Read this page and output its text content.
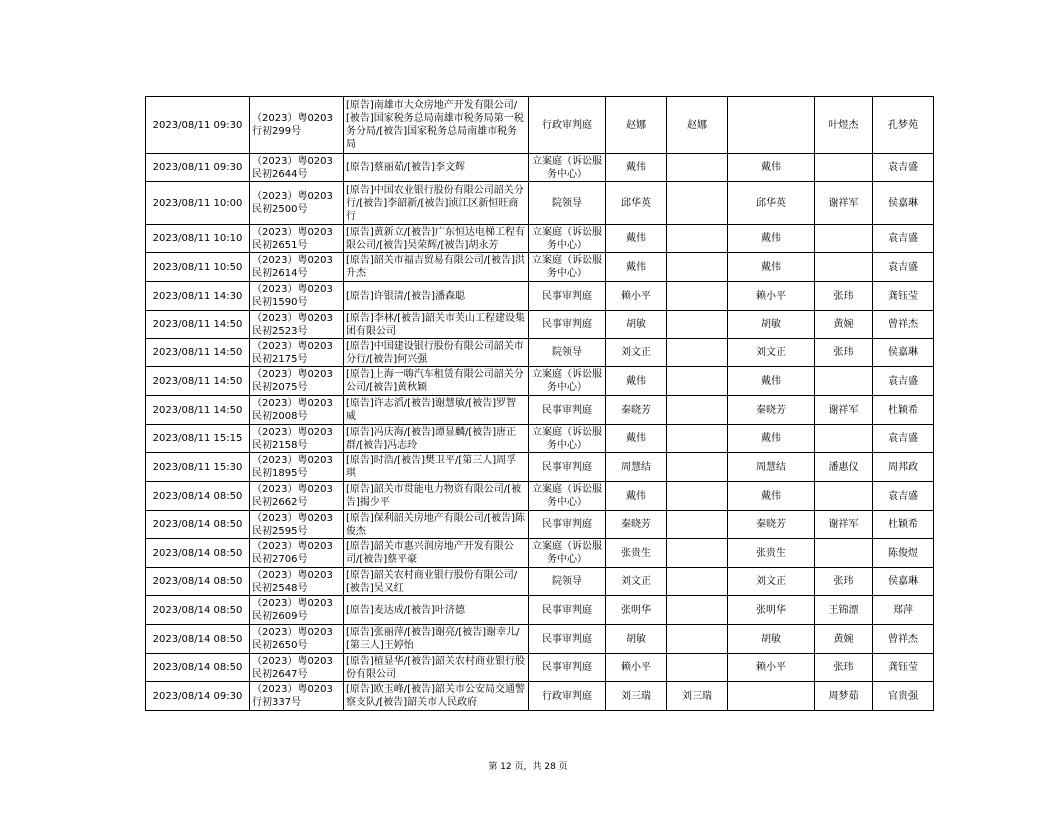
2023/08/11 09:30	（2023）粤0203行初299号	[原告]南雄市大众房地产开发有限公司/[被告]国家税务总局南雄市税务局第一税务分局/[被告]国家税务总局南雄市税务局	行政审判庭	赵娜	赵娜		叶煜杰	孔梦苑
2023/08/11 09:30	（2023）粤0203民初2644号	[原告]蔡丽茹/[被告]李文辉	立案庭（诉讼服务中心）	戴伟		戴伟		袁吉盛
2023/08/11 10:00	（2023）粤0203民初2500号	[原告]中国农业银行股份有限公司韶关分行/[被告]李韶新/[被告]浈江区新恒旺商行	院领导	邱华英		邱华英	谢祥军	侯嘉琳
2023/08/11 10:10	（2023）粤0203民初2651号	[原告]黄新立/[被告]广东恒达电梯工程有限公司/[被告]吴荣辉/[被告]胡永芳	立案庭（诉讼服务中心）	戴伟		戴伟		袁吉盛
2023/08/11 10:50	（2023）粤0203民初2614号	[原告]韶关市福吉贸易有限公司/[被告]洪升杰	立案庭（诉讼服务中心）	戴伟		戴伟		袁吉盛
2023/08/11 14:30	（2023）粤0203民初1590号	[原告]许银清/[被告]潘森聪	民事审判庭	赖小平		赖小平	张玮	龚钰莹
2023/08/11 14:50	（2023）粤0203民初2523号	[原告]李林/[被告]韶关市芙山工程建设集团有限公司	民事审判庭	胡敏		胡敏	黄婉	曾祥杰
2023/08/11 14:50	（2023）粤0203民初2175号	[原告]中国建设银行股份有限公司韶关市分行/[被告]何兴强	院领导	刘文正		刘文正	张玮	侯嘉琳
2023/08/11 14:50	（2023）粤0203民初2075号	[原告]上海一嗨汽车租赁有限公司韶关分公司/[被告]黄秋颖	立案庭（诉讼服务中心）	戴伟		戴伟		袁吉盛
2023/08/11 14:50	（2023）粤0203民初2008号	[原告]许志滔/[被告]谢慧敏/[被告]罗智威	民事审判庭	秦晓芳		秦晓芳	谢祥军	杜颖希
2023/08/11 15:15	（2023）粤0203民初2158号	[原告]冯庆海/[被告]谭显麟/[被告]唐正群/[被告]冯志玲	立案庭（诉讼服务中心）	戴伟		戴伟		袁吉盛
2023/08/11 15:30	（2023）粤0203民初1895号	[原告]时浩/[被告]樊卫平/[第三人]周孚琪	民事审判庭	周慧结		周慧结	潘惠仪	周邦政
2023/08/14 08:50	（2023）粤0203民初2662号	[原告]韶关市贯能电力物资有限公司/[被告]揭少平	立案庭（诉讼服务中心）	戴伟		戴伟		袁吉盛
2023/08/14 08:50	（2023）粤0203民初2595号	[原告]保利韶关房地产有限公司/[被告]陈俊杰	民事审判庭	秦晓芳		秦晓芳	谢祥军	杜颖希
2023/08/14 08:50	（2023）粤0203民初2706号	[原告]韶关市惠兴润房地产开发有限公司/[被告]蔡平豪	立案庭（诉讼服务中心）	张贵生		张贵生		陈俊煜
2023/08/14 08:50	（2023）粤0203民初2548号	[原告]韶关农村商业银行股份有限公司/[被告]吴又红	院领导	刘文正		刘文正	张玮	侯嘉琳
2023/08/14 08:50	（2023）粤0203民初2609号	[原告]麦达成/[被告]叶济德	民事审判庭	张明华		张明华	王锦漂	郑萍
2023/08/14 08:50	（2023）粤0203民初2650号	[原告]张丽萍/[被告]谢亮/[被告]谢幸儿/[第三人]王婷怡	民事审判庭	胡敏		胡敏	黄婉	曾祥杰
2023/08/14 08:50	（2023）粤0203民初2647号	[原告]植显华/[被告]韶关农村商业银行股份有限公司	民事审判庭	赖小平		赖小平	张玮	龚钰莹
2023/08/14 09:30	（2023）粤0203行初337号	[原告]欧玉峰/[被告]韶关市公安局交通警察支队/[被告]韶关市人民政府	行政审判庭	刘三瑞	刘三瑞		周梦茹	官贵强
第 12 页，共 28 页
